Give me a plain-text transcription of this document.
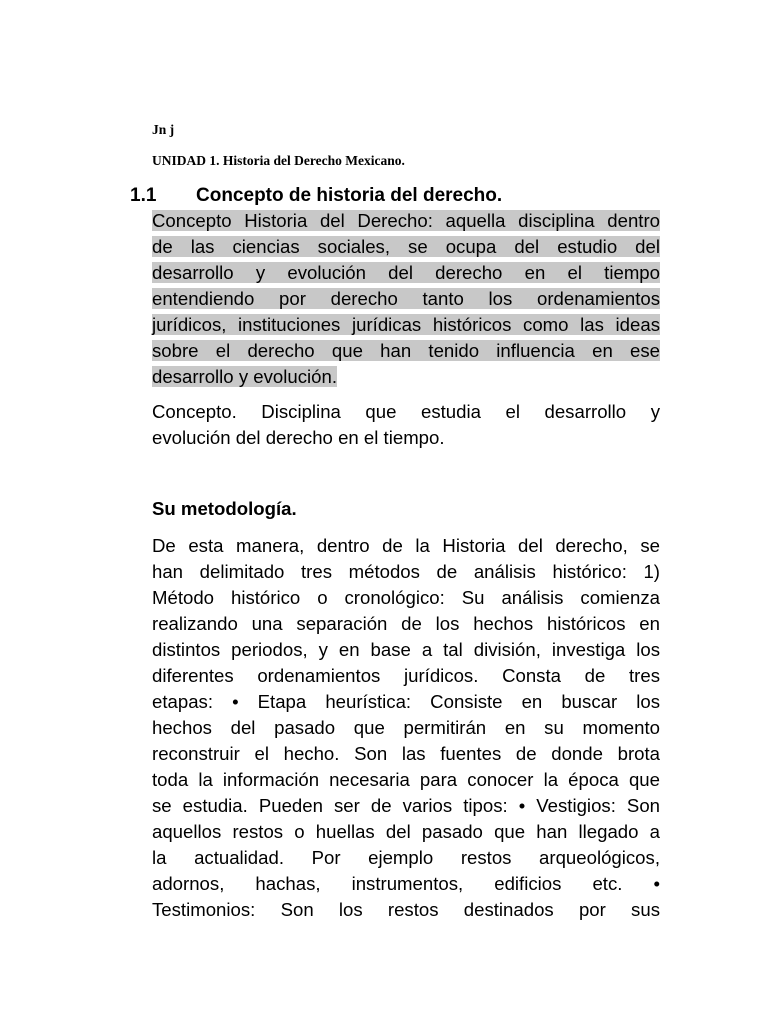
Jn j
UNIDAD 1. Historia del Derecho Mexicano.
1.1 Concepto de historia del derecho.
Concepto Historia del Derecho: aquella disciplina dentro
de las ciencias sociales, se ocupa del estudio del
desarrollo y evolución del derecho en el tiempo
entendiendo por derecho tanto los ordenamientos
jurídicos, instituciones jurídicas históricos como las ideas
sobre el derecho que han tenido influencia en ese
desarrollo y evolución.
Concepto. Disciplina que estudia el desarrollo y
evolución del derecho en el tiempo.
Su metodología.
De esta manera, dentro de la Historia del derecho, se
han delimitado tres métodos de análisis histórico: 1)
Método histórico o cronológico: Su análisis comienza
realizando una separación de los hechos históricos en
distintos periodos, y en base a tal división, investiga los
diferentes ordenamientos jurídicos. Consta de tres
etapas: • Etapa heurística: Consiste en buscar los
hechos del pasado que permitirán en su momento
reconstruir el hecho. Son las fuentes de donde brota
toda la información necesaria para conocer la época que
se estudia. Pueden ser de varios tipos: • Vestigios: Son
aquellos restos o huellas del pasado que han llegado a
la actualidad. Por ejemplo restos arqueológicos,
adornos, hachas, instrumentos, edificios etc. •
Testimonios: Son los restos destinados por sus
